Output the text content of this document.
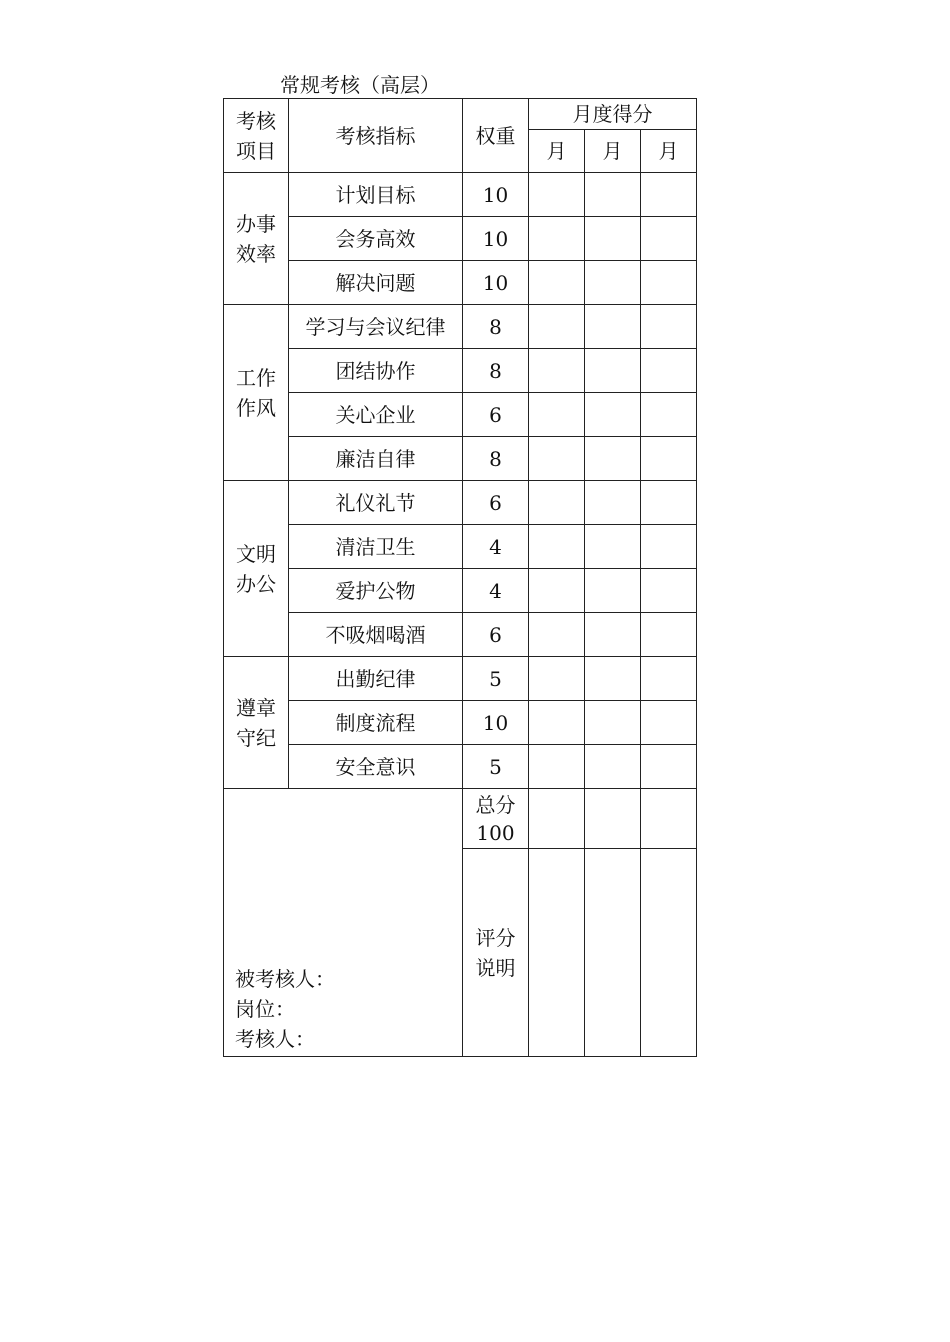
常规考核（高层）
考核
项目	考核指标	权重	月度得分		
			月	月	月

办事
效率	计划目标	10			
	会务高效	10			
	解决问题	10			

工作
作风	学习与会议纪律	8			
	团结协作	8			
	关心企业	6			
	廉洁自律	8			

文明
办公	礼仪礼节	6			
	清洁卫生	4			
	爱护公物	4			
	不吸烟喝酒	6			

遵章
守纪	出勤纪律	5			
	制度流程	10			
	安全意识	5			

被考核人：
岗位：
考核人：		总分
100			

		评分
说明			
